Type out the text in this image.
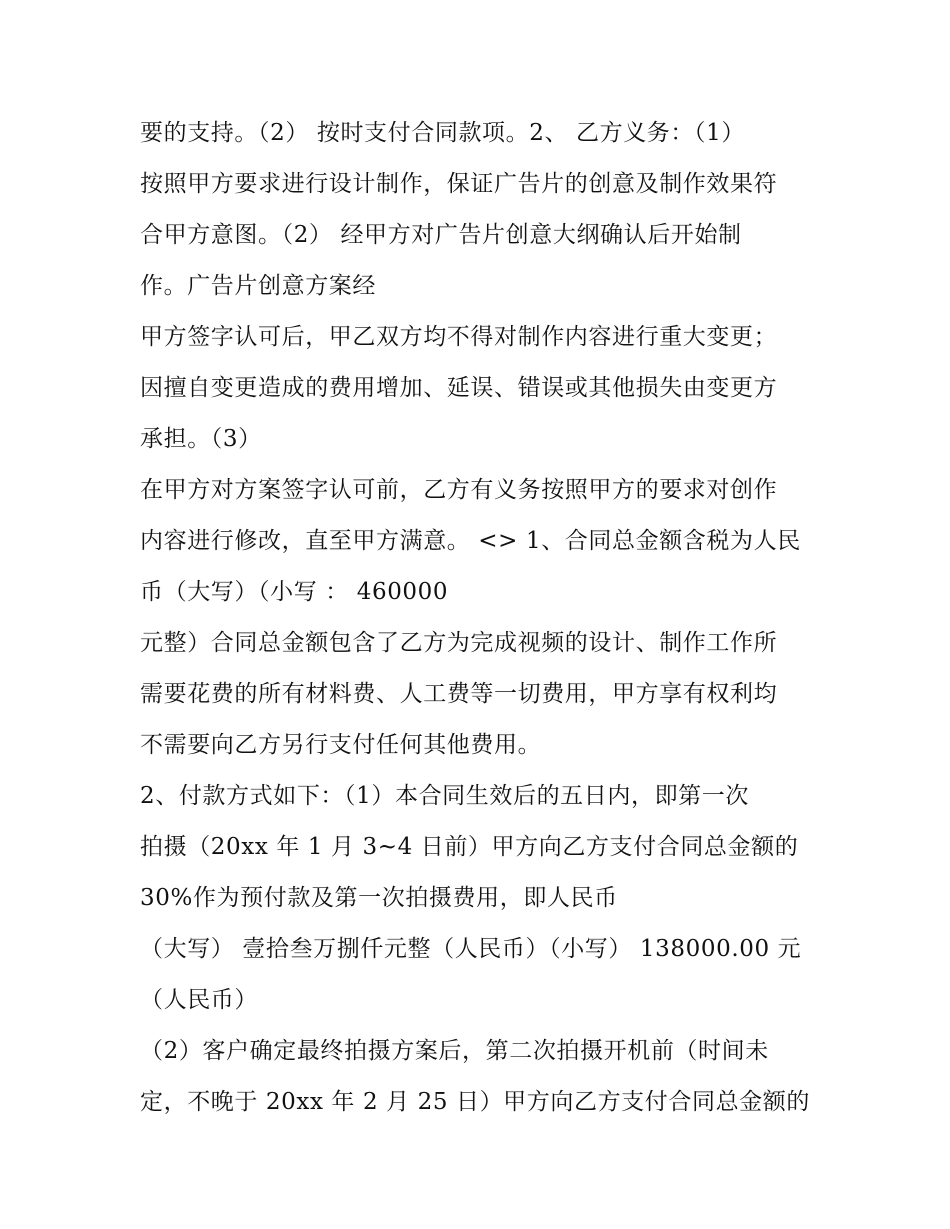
要的支持。（2） 按时支付合同款项。2、 乙方义务：（1）
按照甲方要求进行设计制作，保证广告片的创意及制作效果符
合甲方意图。（2） 经甲方对广告片创意大纲确认后开始制
作。广告片创意方案经
甲方签字认可后，甲乙双方均不得对制作内容进行重大变更；
因擅自变更造成的费用增加、延误、错误或其他损失由变更方
承担。（3）
在甲方对方案签字认可前，乙方有义务按照甲方的要求对创作
内容进行修改，直至甲方满意。 <> 1、合同总金额含税为人民
币（大写）（小写 ： 460000
元整）合同总金额包含了乙方为完成视频的设计、制作工作所
需要花费的所有材料费、人工费等一切费用，甲方享有权利均
不需要向乙方另行支付任何其他费用。
2、付款方式如下：（1）本合同生效后的五日内，即第一次
拍摄（20xx 年 1 月 3~4 日前）甲方向乙方支付合同总金额的
30%作为预付款及第一次拍摄费用，即人民币
（大写） 壹拾叁万捌仟元整（人民币）（小写） 138000.00 元
（人民币）
（2）客户确定最终拍摄方案后，第二次拍摄开机前（时间未
定，不晚于 20xx 年 2 月 25 日）甲方向乙方支付合同总金额的
